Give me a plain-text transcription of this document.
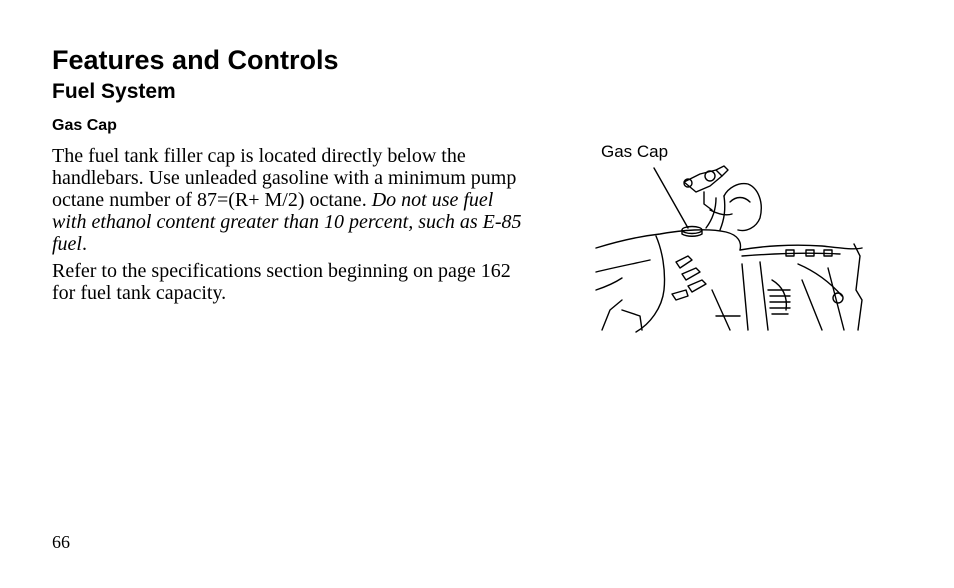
Features and Controls
Fuel System
Gas Cap

The fuel tank filler cap is located directly below the handlebars. Use unleaded gasoline with a minimum pump octane number of 87=(R+ M/2) octane. Do not use fuel with ethanol content greater than 10 percent, such as E-85 fuel.

Refer to the specifications section beginning on page 162 for fuel tank capacity.

Gas Cap
66
